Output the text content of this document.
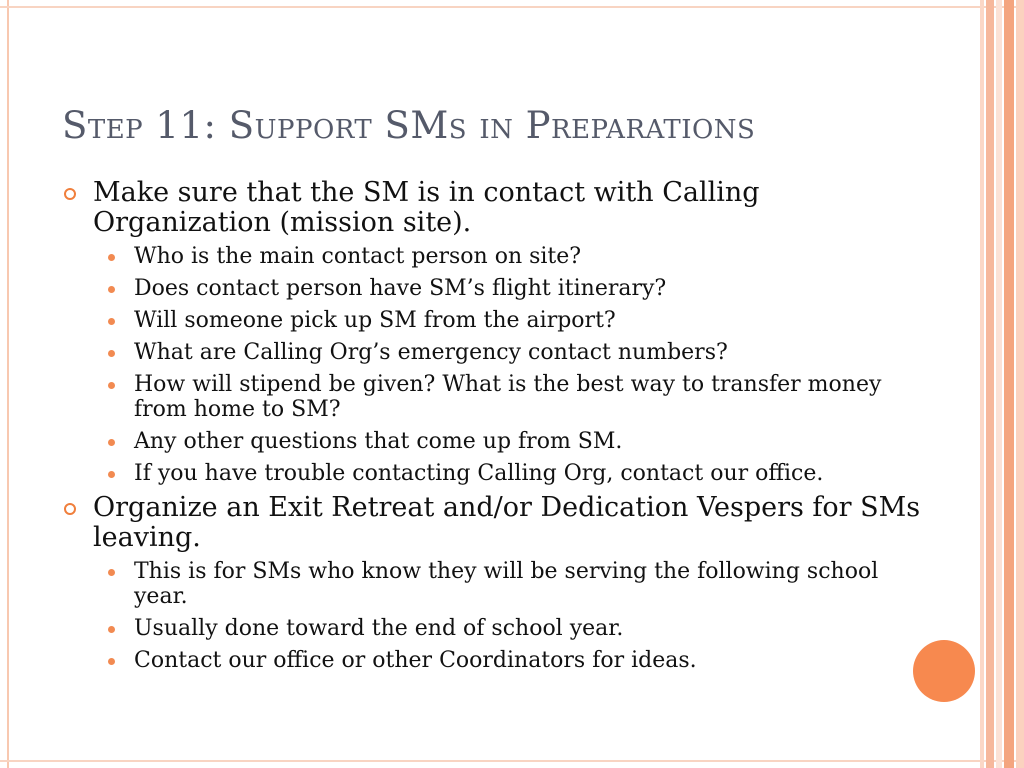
Step 11: Support SMs in Preparations
Make sure that the SM is in contact with Calling Organization (mission site).
Who is the main contact person on site?
Does contact person have SM’s flight itinerary?
Will someone pick up SM from the airport?
What are Calling Org’s emergency contact numbers?
How will stipend be given? What is the best way to transfer money from home to SM?
Any other questions that come up from SM.
If you have trouble contacting Calling Org, contact our office.
Organize an Exit Retreat and/or Dedication Vespers for SMs leaving.
This is for SMs who know they will be serving the following school year.
Usually done toward the end of school year.
Contact our office or other Coordinators for ideas.
